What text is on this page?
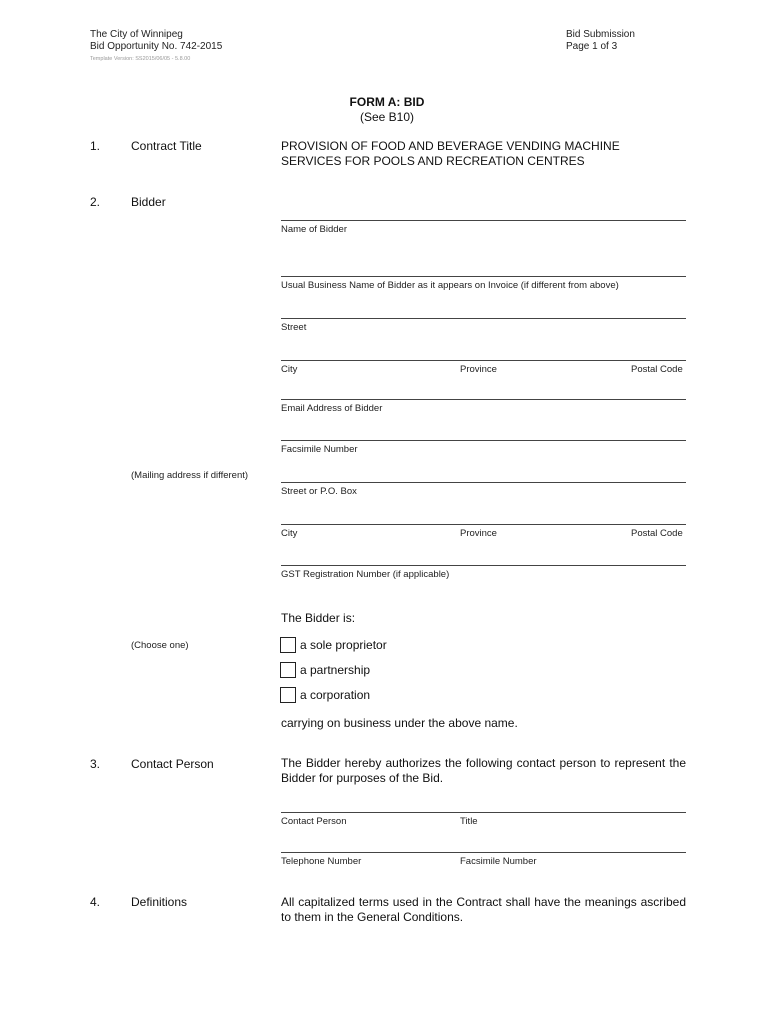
The City of Winnipeg
Bid Opportunity No. 742-2015
Template Version: SS2015/06/05 - 5.8.00
Bid Submission
Page 1 of 3
FORM A: BID
(See B10)
1.	Contract Title	PROVISION OF FOOD AND BEVERAGE VENDING MACHINE
SERVICES FOR POOLS AND RECREATION CENTRES
2.	Bidder
Name of Bidder
Usual Business Name of Bidder as it appears on Invoice (if different from above)
Street
City	Province	Postal Code
Email Address of Bidder
Facsimile Number
(Mailing address if different)
Street or P.O. Box
City	Province	Postal Code
GST Registration Number (if applicable)
The Bidder is:
(Choose one)	a sole proprietor
a partnership
a corporation
carrying on business under the above name.
3.	Contact Person	The Bidder hereby authorizes the following contact person to represent the Bidder for purposes of the Bid.
Contact Person	Title
Telephone Number	Facsimile Number
4.	Definitions	All capitalized terms used in the Contract shall have the meanings ascribed to them in the General Conditions.
